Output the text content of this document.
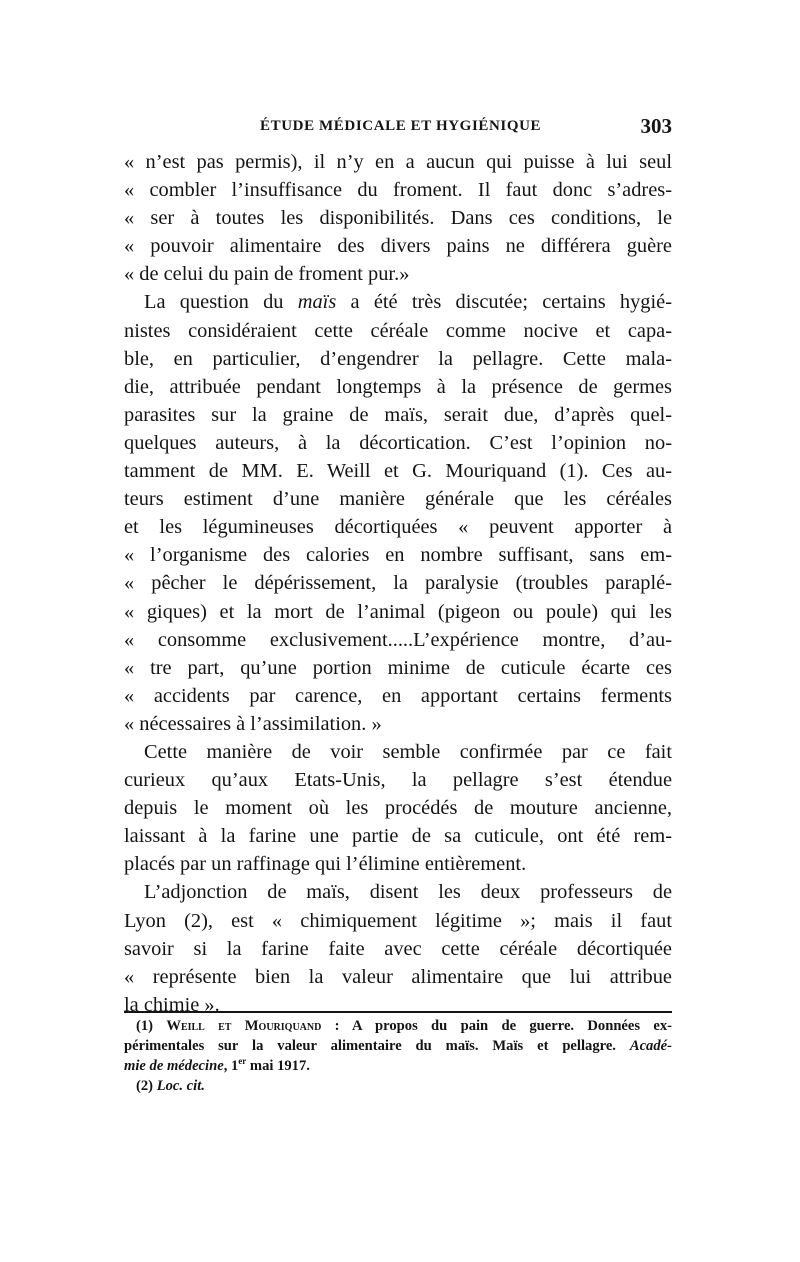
ÉTUDE MÉDICALE ET HYGIÉNIQUE	303
« n’est pas permis), il n’y en a aucun qui puisse à lui seul
« combler l’insuffisance du froment. Il faut donc s’adres-
« ser à toutes les disponibilités. Dans ces conditions, le
« pouvoir alimentaire des divers pains ne différera guère
« de celui du pain de froment pur.»
La question du maïs a été très discutée; certains hygié-
nistes considéraient cette céréale comme nocive et capa-
ble, en particulier, d’engendrer la pellagre. Cette mala-
die, attribuée pendant longtemps à la présence de germes
parasites sur la graine de maïs, serait due, d’après quel-
quelques auteurs, à la décortication. C’est l’opinion no-
tamment de MM. E. Weill et G. Mouriquand (1). Ces au-
teurs estiment d’une manière générale que les céréales
et les légumineuses décortiquées « peuvent apporter à
« l’organisme des calories en nombre suffisant, sans em-
« pêcher le dépérissement, la paralysie (troubles paraplé-
« giques) et la mort de l’animal (pigeon ou poule) qui les
« consomme exclusivement.....L’expérience montre, d’au-
« tre part, qu’une portion minime de cuticule écarte ces
« accidents par carence, en apportant certains ferments
« nécessaires à l’assimilation. »
Cette manière de voir semble confirmée par ce fait
curieux qu’aux Etats-Unis, la pellagre s’est étendue
depuis le moment où les procédés de mouture ancienne,
laissant à la farine une partie de sa cuticule, ont été rem-
placés par un raffinage qui l’élimine entièrement.
L’adjonction de maïs, disent les deux professeurs de
Lyon (2), est « chimiquement légitime »; mais il faut
savoir si la farine faite avec cette céréale décortiquée
« représente bien la valeur alimentaire que lui attribue
la chimie ».
(1) Weill et Mouriquand : A propos du pain de guerre. Données ex-
périmentales sur la valeur alimentaire du maïs. Maïs et pellagre. Acadé-
mie de médecine, 1er mai 1917.
(2) Loc. cit.
